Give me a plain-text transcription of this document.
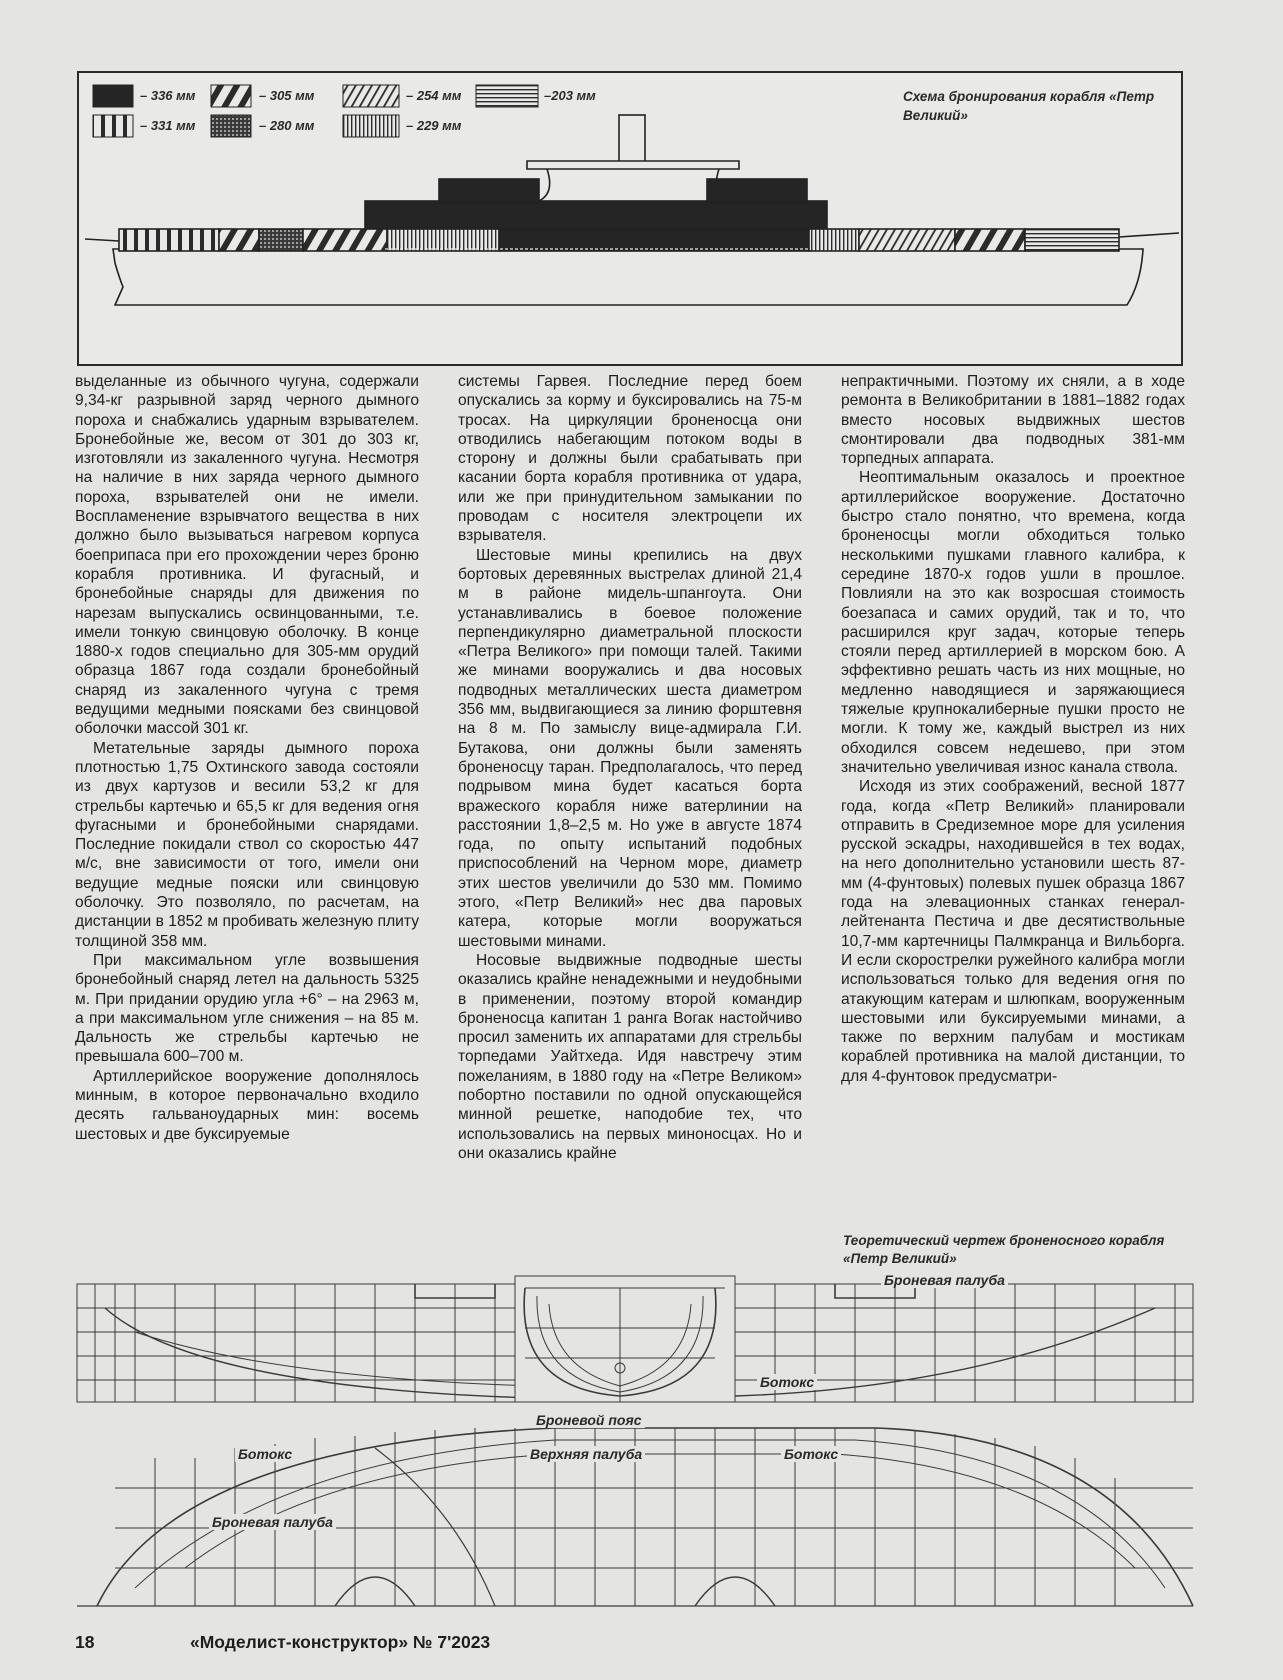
– 336 мм	– 305 мм	– 254 мм	–203 мм
– 331 мм	– 280 мм	– 229 мм
Схема бронирования корабля «Петр Великий»

выделанные из обычного чугуна, содержали 9,34-кг разрывной заряд черного дымного пороха и снабжались ударным взрывателем. Бронебойные же, весом от 301 до 303 кг, изготовляли из закаленного чугуна. Несмотря на наличие в них заряда черного дымного пороха, взрывателей они не имели. Воспламенение взрывчатого вещества в них должно было вызываться нагревом корпуса боеприпаса при его прохождении через броню корабля противника. И фугасный, и бронебойные снаряды для движения по нарезам выпускались освинцованными, т.е. имели тонкую свинцовую оболочку. В конце 1880-х годов специально для 305-мм орудий образца 1867 года создали бронебойный снаряд из закаленного чугуна с тремя ведущими медными поясками без свинцовой оболочки массой 301 кг.

Метательные заряды дымного пороха плотностью 1,75 Охтинского завода состояли из двух картузов и весили 53,2 кг для стрельбы картечью и 65,5 кг для ведения огня фугасными и бронебойными снарядами. Последние покидали ствол со скоростью 447 м/с, вне зависимости от того, имели они ведущие медные пояски или свинцовую оболочку. Это позволяло, по расчетам, на дистанции в 1852 м пробивать железную плиту толщиной 358 мм.

При максимальном угле возвышения бронебойный снаряд летел на дальность 5325 м. При придании орудию угла +6° – на 2963 м, а при максимальном угле снижения – на 85 м. Дальность же стрельбы картечью не превышала 600–700 м.

Артиллерийское вооружение дополнялось минным, в которое первоначально входило десять гальваноударных мин: восемь шестовых и две буксируемые

системы Гарвея. Последние перед боем опускались за корму и буксировались на 75-м тросах. На циркуляции броненосца они отводились набегающим потоком воды в сторону и должны были срабатывать при касании борта корабля противника от удара, или же при принудительном замыкании по проводам с носителя электроцепи их взрывателя.

Шестовые мины крепились на двух бортовых деревянных выстрелах длиной 21,4 м в районе мидель-шпангоута. Они устанавливались в боевое положение перпендикулярно диаметральной плоскости «Петра Великого» при помощи талей. Такими же минами вооружались и два носовых подводных металлических шеста диаметром 356 мм, выдвигающиеся за линию форштевня на 8 м. По замыслу вице-адмирала Г.И. Бутакова, они должны были заменять броненосцу таран. Предполагалось, что перед подрывом мина будет касаться борта вражеского корабля ниже ватерлинии на расстоянии 1,8–2,5 м. Но уже в августе 1874 года, по опыту испытаний подобных приспособлений на Черном море, диаметр этих шестов увеличили до 530 мм. Помимо этого, «Петр Великий» нес два паровых катера, которые могли вооружаться шестовыми минами.

Носовые выдвижные подводные шесты оказались крайне ненадежными и неудобными в применении, поэтому второй командир броненосца капитан 1 ранга Вогак настойчиво просил заменить их аппаратами для стрельбы торпедами Уайтхеда. Идя навстречу этим пожеланиям, в 1880 году на «Петре Великом» побортно поставили по одной опускающейся минной решетке, наподобие тех, что использовались на первых миноносцах. Но и они оказались крайне

непрактичными. Поэтому их сняли, а в ходе ремонта в Великобритании в 1881–1882 годах вместо носовых выдвижных шестов смонтировали два подводных 381-мм торпедных аппарата.

Неоптимальным оказалось и проектное артиллерийское вооружение. Достаточно быстро стало понятно, что времена, когда броненосцы могли обходиться только несколькими пушками главного калибра, к середине 1870-х годов ушли в прошлое. Повлияли на это как возросшая стоимость боезапаса и самих орудий, так и то, что расширился круг задач, которые теперь стояли перед артиллерией в морском бою. А эффективно решать часть из них мощные, но медленно наводящиеся и заряжающиеся тяжелые крупнокалиберные пушки просто не могли. К тому же, каждый выстрел из них обходился совсем недешево, при этом значительно увеличивая износ канала ствола.

Исходя из этих соображений, весной 1877 года, когда «Петр Великий» планировали отправить в Средиземное море для усиления русской эскадры, находившейся в тех водах, на него дополнительно установили шесть 87-мм (4-фунтовых) полевых пушек образца 1867 года на элевационных станках генерал-лейтенанта Пестича и две десятиствольные 10,7-мм картечницы Палмкранца и Вильборга. И если скорострелки ружейного калибра могли использоваться только для ведения огня по атакующим катерам и шлюпкам, вооруженным шестовыми или буксируемыми минами, а также по верхним палубам и мостикам кораблей противника на малой дистанции, то для 4-фунтовок предусматри-

Теоретический чертеж броненосного корабля «Петр Великий»
Броневая палуба
Ботокс
Броневой пояс
Ботокс	Верхняя палуба	Ботокс
Броневая палуба
18	«Моделист-конструктор» № 7'2023
